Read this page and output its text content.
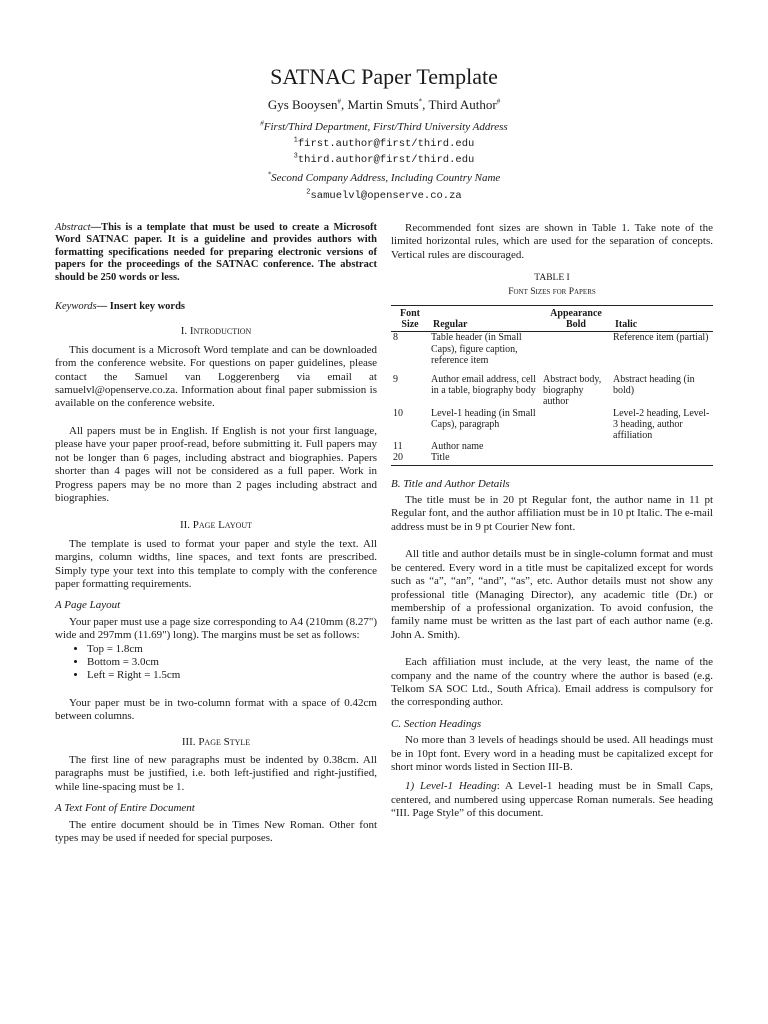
SATNAC Paper Template
Gys Booysen#, Martin Smuts*, Third Author#
#First/Third Department, First/Third University Address
$^1$first.author@first/third.edu
$^3$third.author@first/third.edu
*Second Company Address, Including Country Name
$^2$samuelvl@openserve.co.za

Abstract—This is a template that must be used to create a Microsoft Word SATNAC paper. It is a guideline and provides authors with formatting specifications needed for preparing electronic versions of papers for the proceedings of the SATNAC conference. The abstract should be 250 words or less.

Keywords— Insert key words

I. Introduction

This document is a Microsoft Word template and can be downloaded from the conference website. For questions on paper guidelines, please contact the Samuel van Loggerenberg via email at samuelvl@openserve.co.za. Information about final paper submission is available on the conference website.

All papers must be in English. If English is not your first language, please have your paper proof-read, before submitting it. Full papers may not be longer than 6 pages, including abstract and biographies. Papers shorter than 4 pages will not be considered as a full paper. Work in Progress papers may be no more than 2 pages including abstract and biographies.

II. Page Layout

The template is used to format your paper and style the text. All margins, column widths, line spaces, and text fonts are prescribed. Simply type your text into this template to comply with the conference paper formatting requirements.

A Page Layout

Your paper must use a page size corresponding to A4 (210mm (8.27") wide and 297mm (11.69") long). The margins must be set as follows:

• Top = 1.8cm
• Bottom = 3.0cm
• Left = Right = 1.5cm

Your paper must be in two-column format with a space of 0.42cm between columns.

III. Page Style

The first line of new paragraphs must be indented by 0.38cm. All paragraphs must be justified, i.e. both left-justified and right-justified, while line-spacing must be 1.

A Text Font of Entire Document

The entire document should be in Times New Roman. Other font types may be used if needed for special purposes.

Recommended font sizes are shown in Table 1. Take note of the limited horizontal rules, which are used for the separation of concepts. Vertical rules are discouraged.

TABLE I
Font Sizes for Papers
Font		Appearance	
Size	Regular	Bold	Italic
8	Table header (in Small Caps), figure caption, reference item		Reference item (partial)
9	Author email address, cell in a table, biography body	Abstract body, biography author	Abstract heading (in bold)
10	Level-1 heading (in Small Caps), paragraph		Level-2 heading, Level-3 heading, author affiliation
11	Author name		
20	Title		
B. Title and Author Details

The title must be in 20 pt Regular font, the author name in 11 pt Regular font, and the author affiliation must be in 10 pt Italic. The e-mail address must be in 9 pt Courier New font.

All title and author details must be in single-column format and must be centered. Every word in a title must be capitalized except for words such as “a”, “an”, “and”, “as”, etc. Author details must not show any professional title (Managing Director), any academic title (Dr.) or membership of a professional organization. To avoid confusion, the family name must be written as the last part of each author name (e.g. John A. Smith).

Each affiliation must include, at the very least, the name of the company and the name of the country where the author is based (e.g. Telkom SA SOC Ltd., South Africa). Email address is compulsory for the corresponding author.

C. Section Headings

No more than 3 levels of headings should be used. All headings must be in 10pt font. Every word in a heading must be capitalized except for short minor words listed in Section III-B.

1) Level-1 Heading: A Level-1 heading must be in Small Caps, centered, and numbered using uppercase Roman numerals. See heading “III. Page Style” of this document.
